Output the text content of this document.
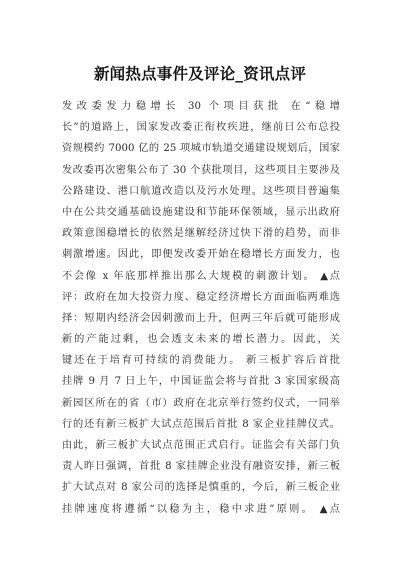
新闻热点事件及评论_资讯点评
发改委发力稳增长 30 个项目获批 在“稳增
长”的道路上，国家发改委正衔枚疾进，继前日公布总投
资规模约 7000 亿的 25 项城市轨道交通建设规划后，国家
发改委再次密集公布了 30 个获批项目，这些项目主要涉及
公路建设、港口航道改造以及污水处理。这些项目普遍集
中在公共交通基础设施建设和节能环保领域，显示出政府
政策意图稳增长的依然是继解经济过快下滑的趋势，而非
刺激增速。因此，即便发改委开始在稳增长方面发力，也
不会像 x 年底那样推出那么大规模的刺激计划。 ▲点
评：政府在加大投资力度、稳定经济增长方面面临两难选
择：短期内经济会因刺激而上升，但两三年后就可能形成
新的产能过剩，也会透支未来的增长潜力。因此，关
键还在于培育可持续的消费能力。 新三板扩容后首批
挂牌 9 月 7 日上午，中国证监会将与首批 3 家国家级高
新园区所在的省（市）政府在北京举行签约仪式，一同举
行的还有新三板扩大试点范围后首批 8 家企业挂牌仪式。
由此，新三板扩大试点范围正式启行。证监会有关部门负
责人昨日强调，首批 8 家挂牌企业没有融资安排，新三板
扩大试点对 8 家公司的选择是慎重的，今后，新三板企业
挂牌速度将遵循“以稳为主，稳中求进”原则。 ▲点
